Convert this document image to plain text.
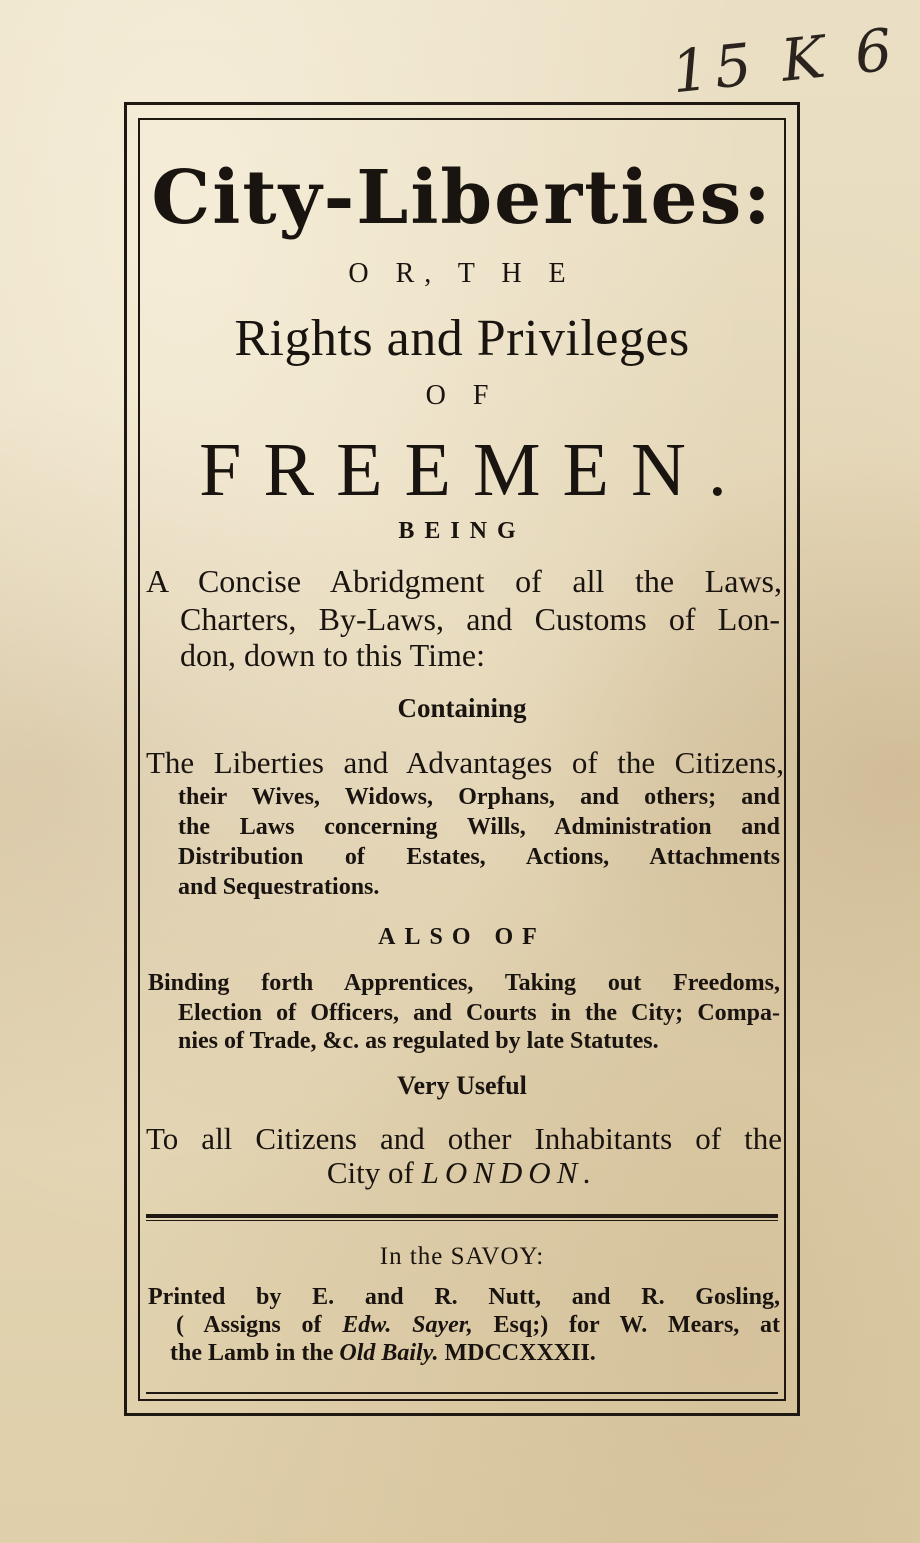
15 K 6
City-Liberties:
O R, T H E
Rights and Privileges
O F
FREEMEN.
BEING
A Concise Abridgment of all the Laws,
Charters, By-Laws, and Customs of Lon-
don, down to this Time:
Containing
The Liberties and Advantages of the Citizens,
their Wives, Widows, Orphans, and others; and
the Laws concerning Wills, Administration and
Distribution of Estates, Actions, Attachments
and Sequestrations.
ALSO OF
Binding forth Apprentices, Taking out Freedoms,
Election of Officers, and Courts in the City; Compa-
nies of Trade, &c. as regulated by late Statutes.
Very Useful
To all Citizens and other Inhabitants of the
City of LONDON.
In the SAVOY:
Printed by E. and R. Nutt, and R. Gosling,
( Assigns of Edw. Sayer, Esq;) for W. Mears, at
the Lamb in the Old Baily. MDCCXXXII.
